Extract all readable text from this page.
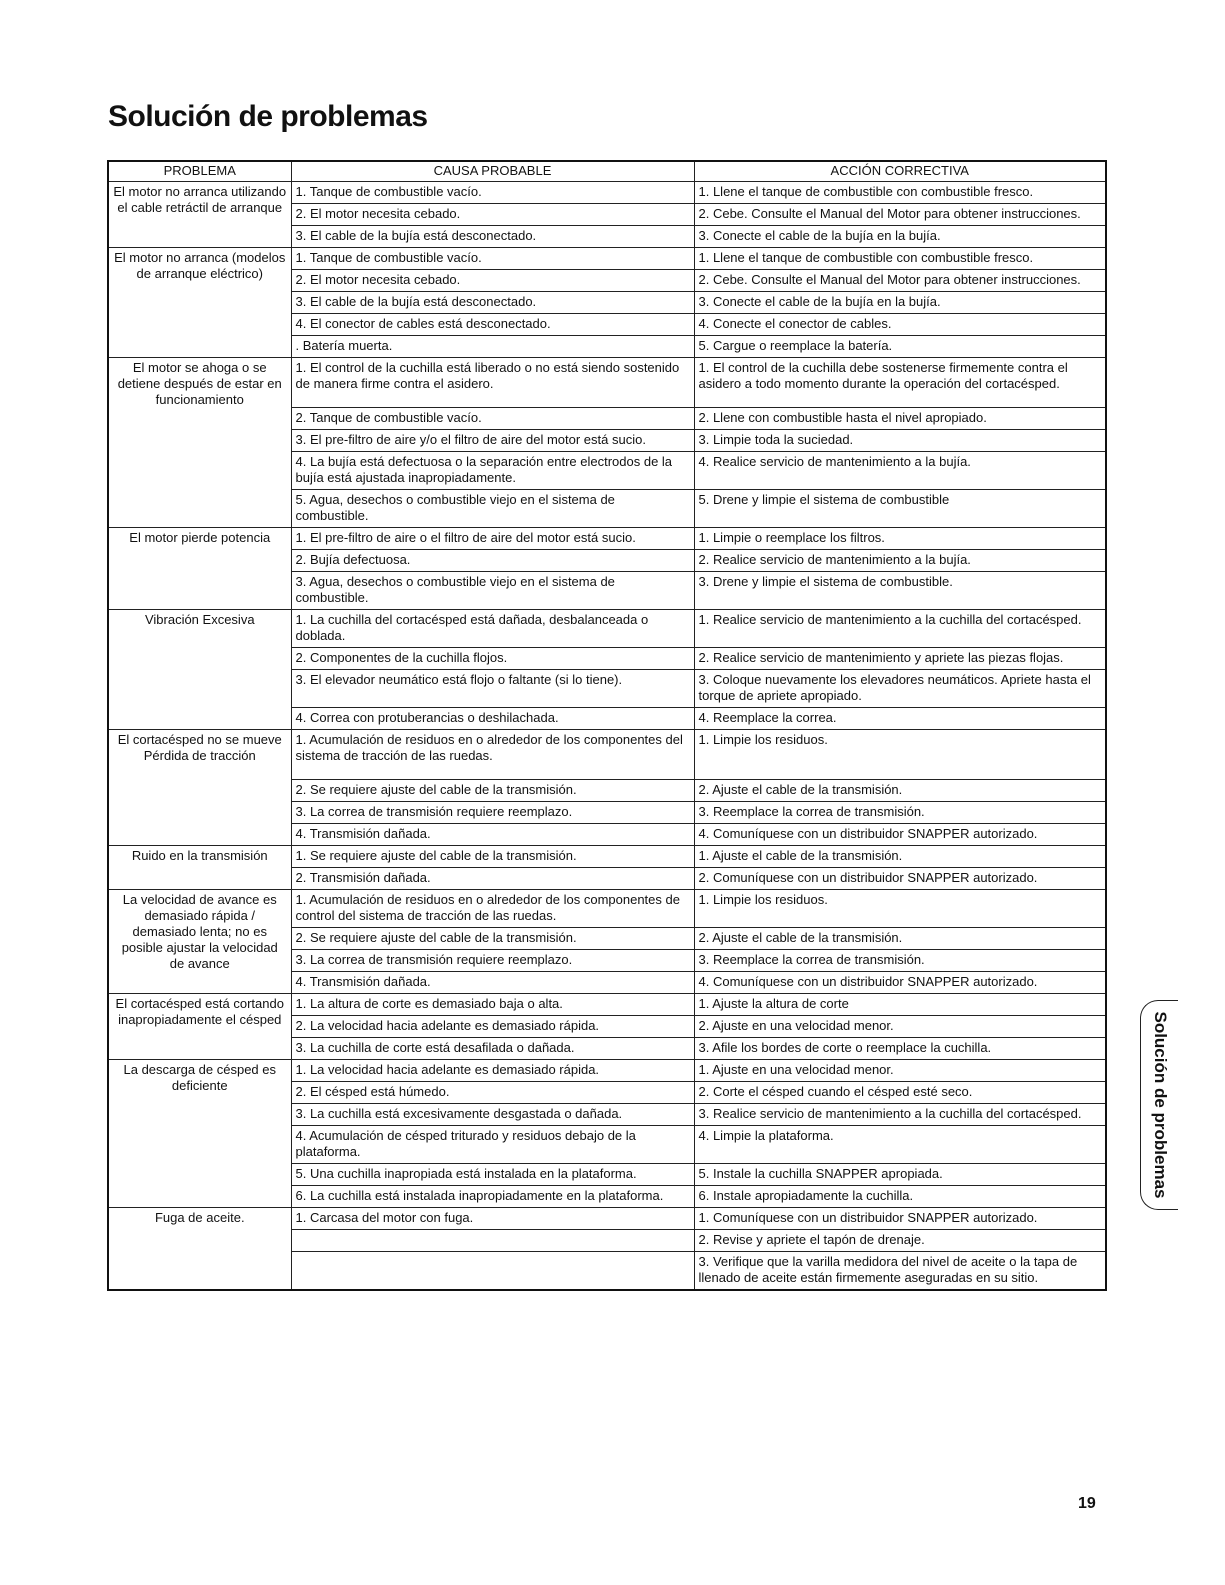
Solución de problemas
PROBLEMA	CAUSA PROBABLE	ACCIÓN CORRECTIVA
El motor no arranca utilizando el cable retráctil de arranque	1. Tanque de combustible vacío.	1. Llene el tanque de combustible con combustible fresco.
	2. El motor necesita cebado.	2. Cebe. Consulte el Manual del Motor para obtener instrucciones.
	3. El cable de la bujía está desconectado.	3. Conecte el cable de la bujía en la bujía.
El motor no arranca (modelos de arranque eléctrico)	1. Tanque de combustible vacío.	1. Llene el tanque de combustible con combustible fresco.
	2. El motor necesita cebado.	2. Cebe. Consulte el Manual del Motor para obtener instrucciones.
	3. El cable de la bujía está desconectado.	3. Conecte el cable de la bujía en la bujía.
	4. El conector de cables está desconectado.	4. Conecte el conector de cables.
	. Batería muerta.	5. Cargue o reemplace la batería.
El motor se ahoga o se detiene después de estar en funcionamiento	1. El control de la cuchilla está liberado o no está siendo sostenido de manera firme contra el asidero.	1. El control de la cuchilla debe sostenerse firmemente contra el asidero a todo momento durante la operación del cortacésped.
	2. Tanque de combustible vacío.	2. Llene con combustible hasta el nivel apropiado.
	3. El pre-filtro de aire y/o el filtro de aire del motor está sucio.	3. Limpie toda la suciedad.
	4. La bujía está defectuosa o la separación entre electrodos de la bujía está ajustada inapropiadamente.	4. Realice servicio de mantenimiento a la bujía.
	5. Agua, desechos o combustible viejo en el sistema de combustible.	5. Drene y limpie el sistema de combustible
El motor pierde potencia	1. El pre-filtro de aire o el filtro de aire del motor está sucio.	1. Limpie o reemplace los filtros.
	2. Bujía defectuosa.	2. Realice servicio de mantenimiento a la bujía.
	3. Agua, desechos o combustible viejo en el sistema de combustible.	3. Drene y limpie el sistema de combustible.
Vibración Excesiva	1. La cuchilla del cortacésped está dañada, desbalanceada o doblada.	1. Realice servicio de mantenimiento a la cuchilla del cortacésped.
	2. Componentes de la cuchilla flojos.	2. Realice servicio de mantenimiento y apriete las piezas flojas.
	3. El elevador neumático está flojo o faltante (si lo tiene).	3. Coloque nuevamente los elevadores neumáticos. Apriete hasta el torque de apriete apropiado.
	4. Correa con protuberancias o deshilachada.	4. Reemplace la correa.
El cortacésped no se mueve Pérdida de tracción	1. Acumulación de residuos en o alrededor de los componentes del sistema de tracción de las ruedas.	1. Limpie los residuos.
	2. Se requiere ajuste del cable de la transmisión.	2. Ajuste el cable de la transmisión.
	3. La correa de transmisión requiere reemplazo.	3. Reemplace la correa de transmisión.
	4. Transmisión dañada.	4. Comuníquese con un distribuidor SNAPPER autorizado.
Ruido en la transmisión	1. Se requiere ajuste del cable de la transmisión.	1. Ajuste el cable de la transmisión.
	2. Transmisión dañada.	2. Comuníquese con un distribuidor SNAPPER autorizado.
La velocidad de avance es demasiado rápida / demasiado lenta; no es posible ajustar la velocidad de avance	1. Acumulación de residuos en o alrededor de los componentes de control del sistema de tracción de las ruedas.	1. Limpie los residuos.
	2. Se requiere ajuste del cable de la transmisión.	2. Ajuste el cable de la transmisión.
	3. La correa de transmisión requiere reemplazo.	3. Reemplace la correa de transmisión.
	4. Transmisión dañada.	4. Comuníquese con un distribuidor SNAPPER autorizado.
El cortacésped está cortando inapropiadamente el césped	1. La altura de corte es demasiado baja o alta.	1. Ajuste la altura de corte
	2. La velocidad hacia adelante es demasiado rápida.	2. Ajuste en una velocidad menor.
	3. La cuchilla de corte está desafilada o dañada.	3. Afile los bordes de corte o reemplace la cuchilla.
La descarga de césped es deficiente	1. La velocidad hacia adelante es demasiado rápida.	1. Ajuste en una velocidad menor.
	2. El césped está húmedo.	2. Corte el césped cuando el césped esté seco.
	3. La cuchilla está excesivamente desgastada o dañada.	3. Realice servicio de mantenimiento a la cuchilla del cortacésped.
	4. Acumulación de césped triturado y residuos debajo de la plataforma.	4. Limpie la plataforma.
	5. Una cuchilla inapropiada está instalada en la plataforma.	5. Instale la cuchilla SNAPPER apropiada.
	6. La cuchilla está instalada inapropiadamente en la plataforma.	6. Instale apropiadamente la cuchilla.
Fuga de aceite.	1. Carcasa del motor con fuga.	1. Comuníquese con un distribuidor SNAPPER autorizado.
		2. Revise y apriete el tapón de drenaje.
		3. Verifique que la varilla medidora del nivel de aceite o la tapa de llenado de aceite están firmemente aseguradas en su sitio.
Solución de problemas
19
